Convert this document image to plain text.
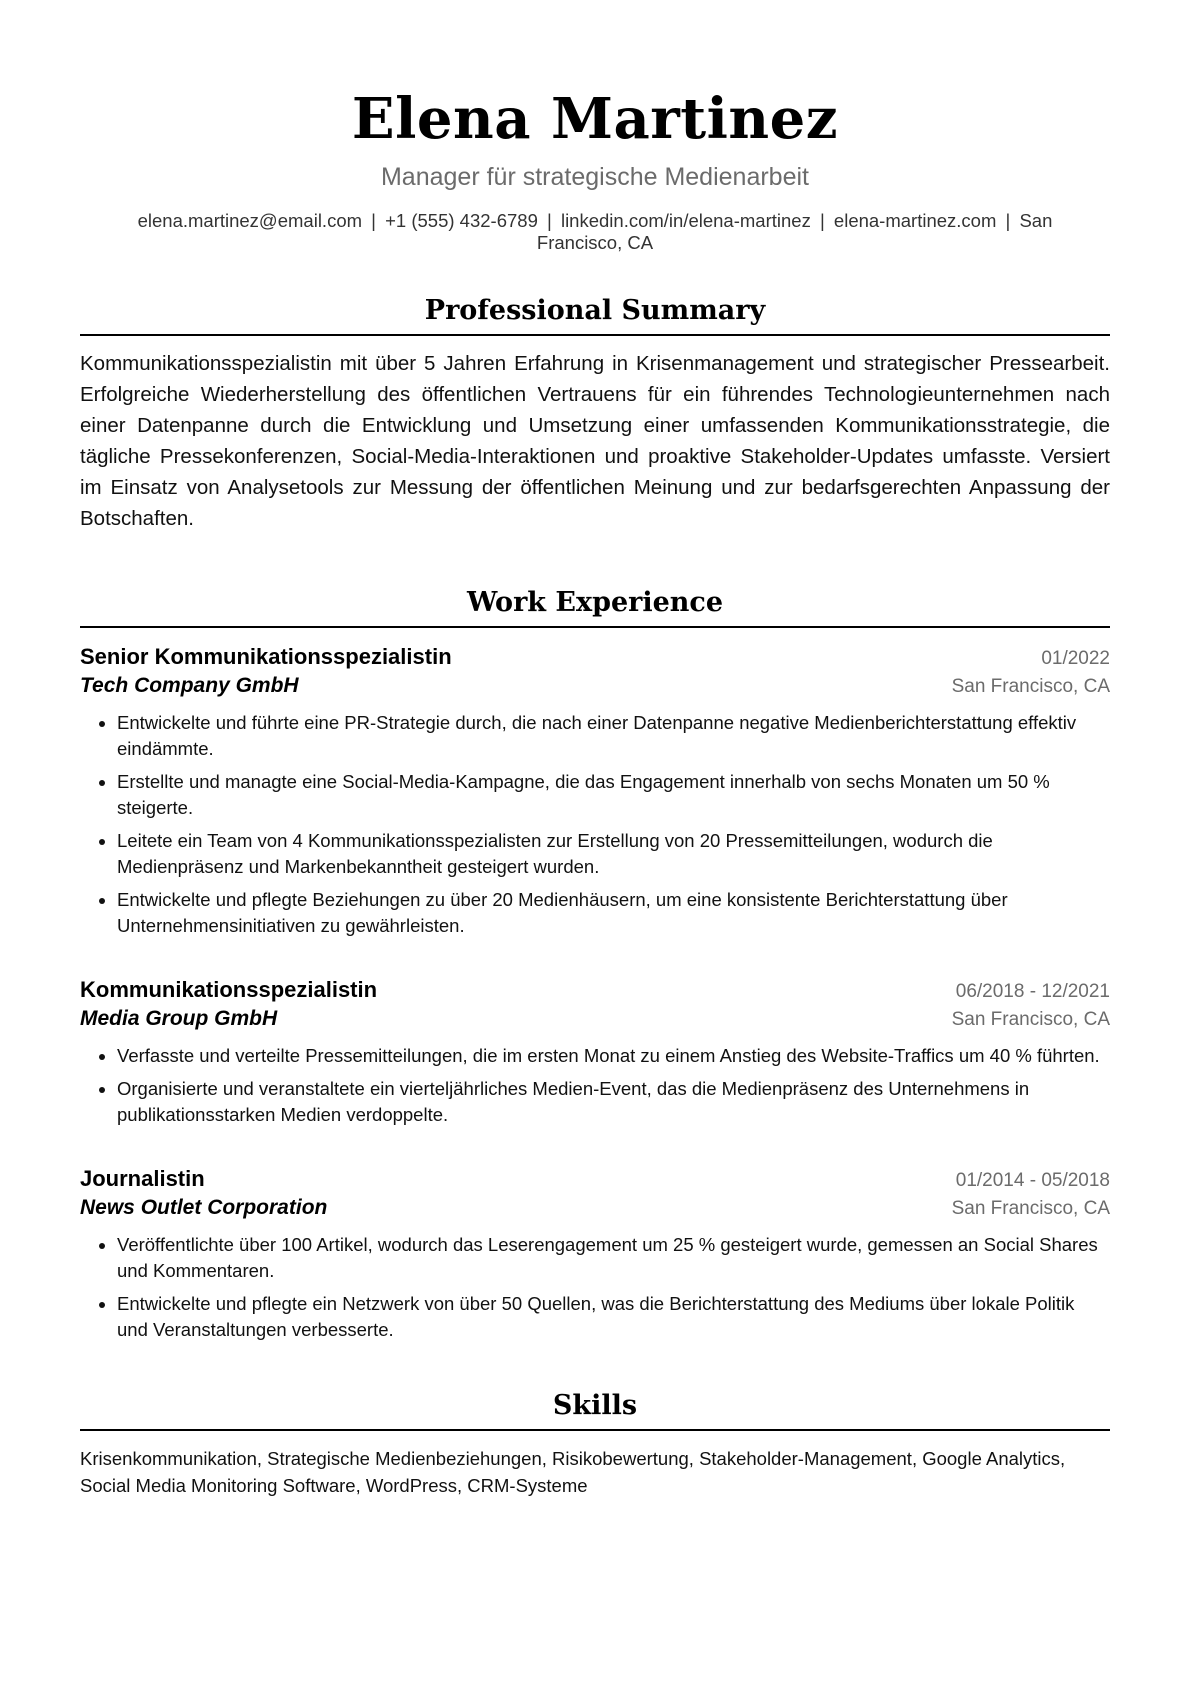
Elena Martinez
Manager für strategische Medienarbeit
elena.martinez@email.com | +1 (555) 432-6789 | linkedin.com/in/elena-martinez | elena-martinez.com | San Francisco, CA
Professional Summary

Kommunikationsspezialistin mit über 5 Jahren Erfahrung in Krisenmanagement und strategischer Pressearbeit. Erfolgreiche Wiederherstellung des öffentlichen Vertrauens für ein führendes Technologieunternehmen nach einer Datenpanne durch die Entwicklung und Umsetzung einer umfassenden Kommunikationsstrategie, die tägliche Pressekonferenzen, Social-Media-Interaktionen und proaktive Stakeholder-Updates umfasste. Versiert im Einsatz von Analysetools zur Messung der öffentlichen Meinung und zur bedarfsgerechten Anpassung der Botschaften.

Work Experience
Senior Kommunikationsspezialistin	01/2022
Tech Company GmbH	San Francisco, CA
• Entwickelte und führte eine PR-Strategie durch, die nach einer Datenpanne negative Medienberichterstattung effektiv eindämmte.
• Erstellte und managte eine Social-Media-Kampagne, die das Engagement innerhalb von sechs Monaten um 50 % steigerte.
• Leitete ein Team von 4 Kommunikationsspezialisten zur Erstellung von 20 Pressemitteilungen, wodurch die Medienpräsenz und Markenbekanntheit gesteigert wurden.
• Entwickelte und pflegte Beziehungen zu über 20 Medienhäusern, um eine konsistente Berichterstattung über Unternehmensinitiativen zu gewährleisten.
Kommunikationsspezialistin	06/2018 - 12/2021
Media Group GmbH	San Francisco, CA
• Verfasste und verteilte Pressemitteilungen, die im ersten Monat zu einem Anstieg des Website-Traffics um 40 % führten.
• Organisierte und veranstaltete ein vierteljährliches Medien-Event, das die Medienpräsenz des Unternehmens in publikationsstarken Medien verdoppelte.
Journalistin	01/2014 - 05/2018
News Outlet Corporation	San Francisco, CA
• Veröffentlichte über 100 Artikel, wodurch das Leserengagement um 25 % gesteigert wurde, gemessen an Social Shares und Kommentaren.
• Entwickelte und pflegte ein Netzwerk von über 50 Quellen, was die Berichterstattung des Mediums über lokale Politik und Veranstaltungen verbesserte.
Skills

Krisenkommunikation, Strategische Medienbeziehungen, Risikobewertung, Stakeholder-Management, Google Analytics, Social Media Monitoring Software, WordPress, CRM-Systeme
